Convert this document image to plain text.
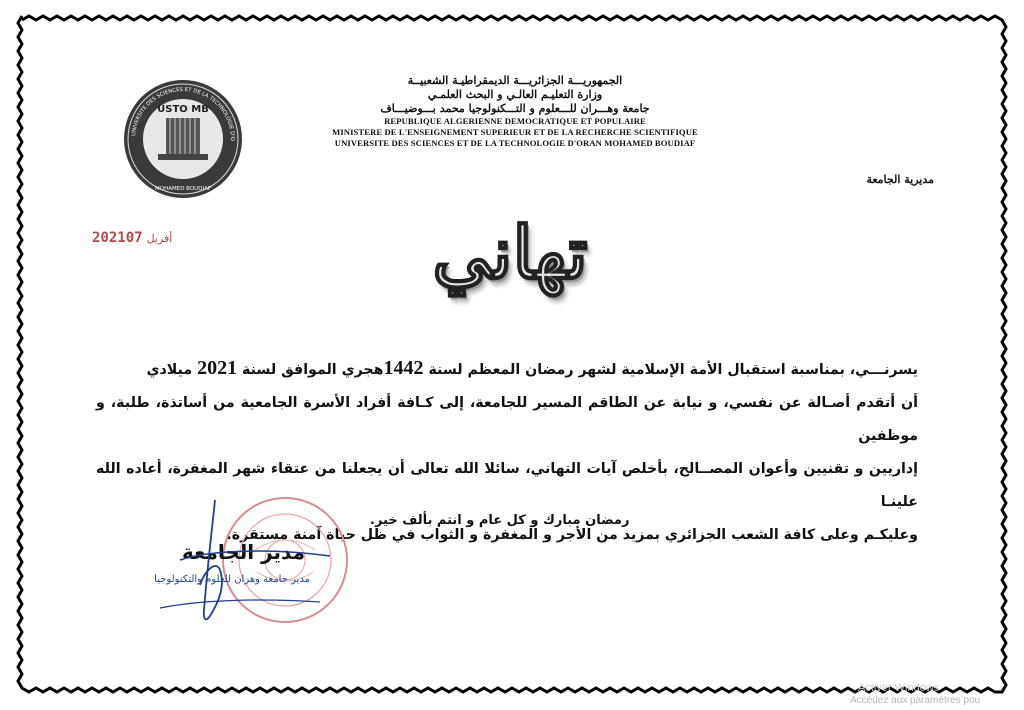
USTO MB
UNIVERSITE DES SCIENCES ET DE LA TECHNOLOGIE D'O
MOHAMED BOUDIAF
الجمهوريـــة الجزائريـــة الديمقراطيـة الشعبيــة
وزارة التعليـم العالـي و البحث العلمـي
جامعة وهـــران للـــعلوم و التـــكنولوجيا محمد بـــوضيـــاف
REPUBLIQUE ALGERIENNE DEMOCRATIQUE ET POPULAIRE
MINISTERE DE L'ENSEIGNEMENT SUPERIEUR ET DE LA RECHERCHE SCIENTIFIQUE
UNIVERSITE DES SCIENCES ET DE LA TECHNOLOGIE D'ORAN MOHAMED BOUDIAF
مديرية الجامعة
2021 أفريل07	تهاني

يسرنـــي، بمناسبة استقبال الأمة الإسلامية لشهر رمضان المعظم لسنة 1442هجري الموافق لسنة 2021 ميلادي

أن أتقدم أصـالة عن نفسي، و نيابة عن الطاقم المسير للجامعة، إلى كـافة أفراد الأسرة الجامعية من أساتذة، طلبة، و موظفين

إداريين و تقنيين وأعوان المصــالح، بأخلص آيات التهاني، سائلا الله تعالى أن يجعلنا من عتقاء شهر المغفرة، أعاده الله علينـا

وعليكـم وعلى كافة الشعب الجزائري بمزيد من الأجر و المغفرة و الثواب في ظل حياة آمنة مستقرة.

رمضان مبارك و كل عام و انتم بألف خير.
مدير الجامعة
مدير جامعة وهران للعلوم والتكنولوجيا
Activer Windows
Accédez aux paramètres pou
